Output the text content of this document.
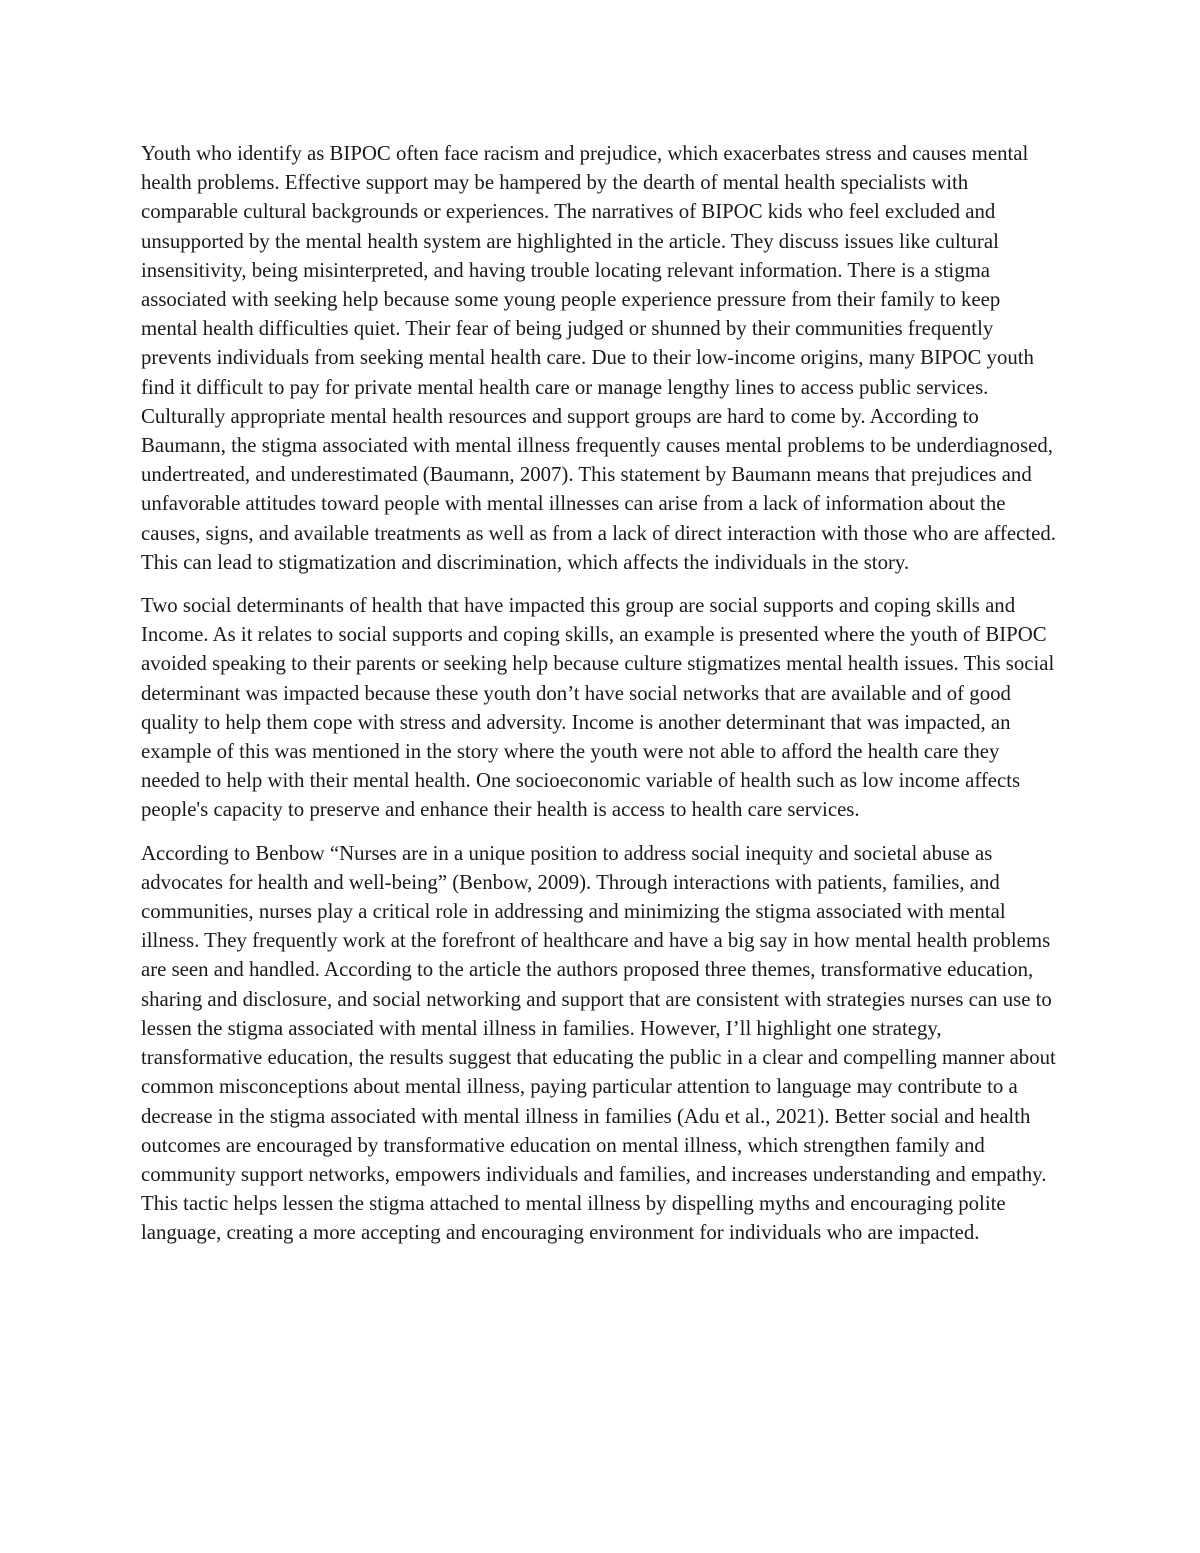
Youth who identify as BIPOC often face racism and prejudice, which exacerbates stress and causes mental health problems. Effective support may be hampered by the dearth of mental health specialists with comparable cultural backgrounds or experiences. The narratives of BIPOC kids who feel excluded and unsupported by the mental health system are highlighted in the article. They discuss issues like cultural insensitivity, being misinterpreted, and having trouble locating relevant information. There is a stigma associated with seeking help because some young people experience pressure from their family to keep mental health difficulties quiet. Their fear of being judged or shunned by their communities frequently prevents individuals from seeking mental health care. Due to their low-income origins, many BIPOC youth find it difficult to pay for private mental health care or manage lengthy lines to access public services. Culturally appropriate mental health resources and support groups are hard to come by. According to Baumann, the stigma associated with mental illness frequently causes mental problems to be underdiagnosed, undertreated, and underestimated (Baumann, 2007). This statement by Baumann means that prejudices and unfavorable attitudes toward people with mental illnesses can arise from a lack of information about the causes, signs, and available treatments as well as from a lack of direct interaction with those who are affected. This can lead to stigmatization and discrimination, which affects the individuals in the story.

Two social determinants of health that have impacted this group are social supports and coping skills and Income. As it relates to social supports and coping skills, an example is presented where the youth of BIPOC avoided speaking to their parents or seeking help because culture stigmatizes mental health issues. This social determinant was impacted because these youth don’t have social networks that are available and of good quality to help them cope with stress and adversity. Income is another determinant that was impacted, an example of this was mentioned in the story where the youth were not able to afford the health care they needed to help with their mental health. One socioeconomic variable of health such as low income affects people's capacity to preserve and enhance their health is access to health care services.

According to Benbow “Nurses are in a unique position to address social inequity and societal abuse as advocates for health and well-being” (Benbow, 2009). Through interactions with patients, families, and communities, nurses play a critical role in addressing and minimizing the stigma associated with mental illness. They frequently work at the forefront of healthcare and have a big say in how mental health problems are seen and handled. According to the article the authors proposed three themes, transformative education, sharing and disclosure, and social networking and support that are consistent with strategies nurses can use to lessen the stigma associated with mental illness in families. However, I’ll highlight one strategy, transformative education, the results suggest that educating the public in a clear and compelling manner about common misconceptions about mental illness, paying particular attention to language may contribute to a decrease in the stigma associated with mental illness in families (Adu et al., 2021). Better social and health outcomes are encouraged by transformative education on mental illness, which strengthen family and community support networks, empowers individuals and families, and increases understanding and empathy. This tactic helps lessen the stigma attached to mental illness by dispelling myths and encouraging polite language, creating a more accepting and encouraging environment for individuals who are impacted.
